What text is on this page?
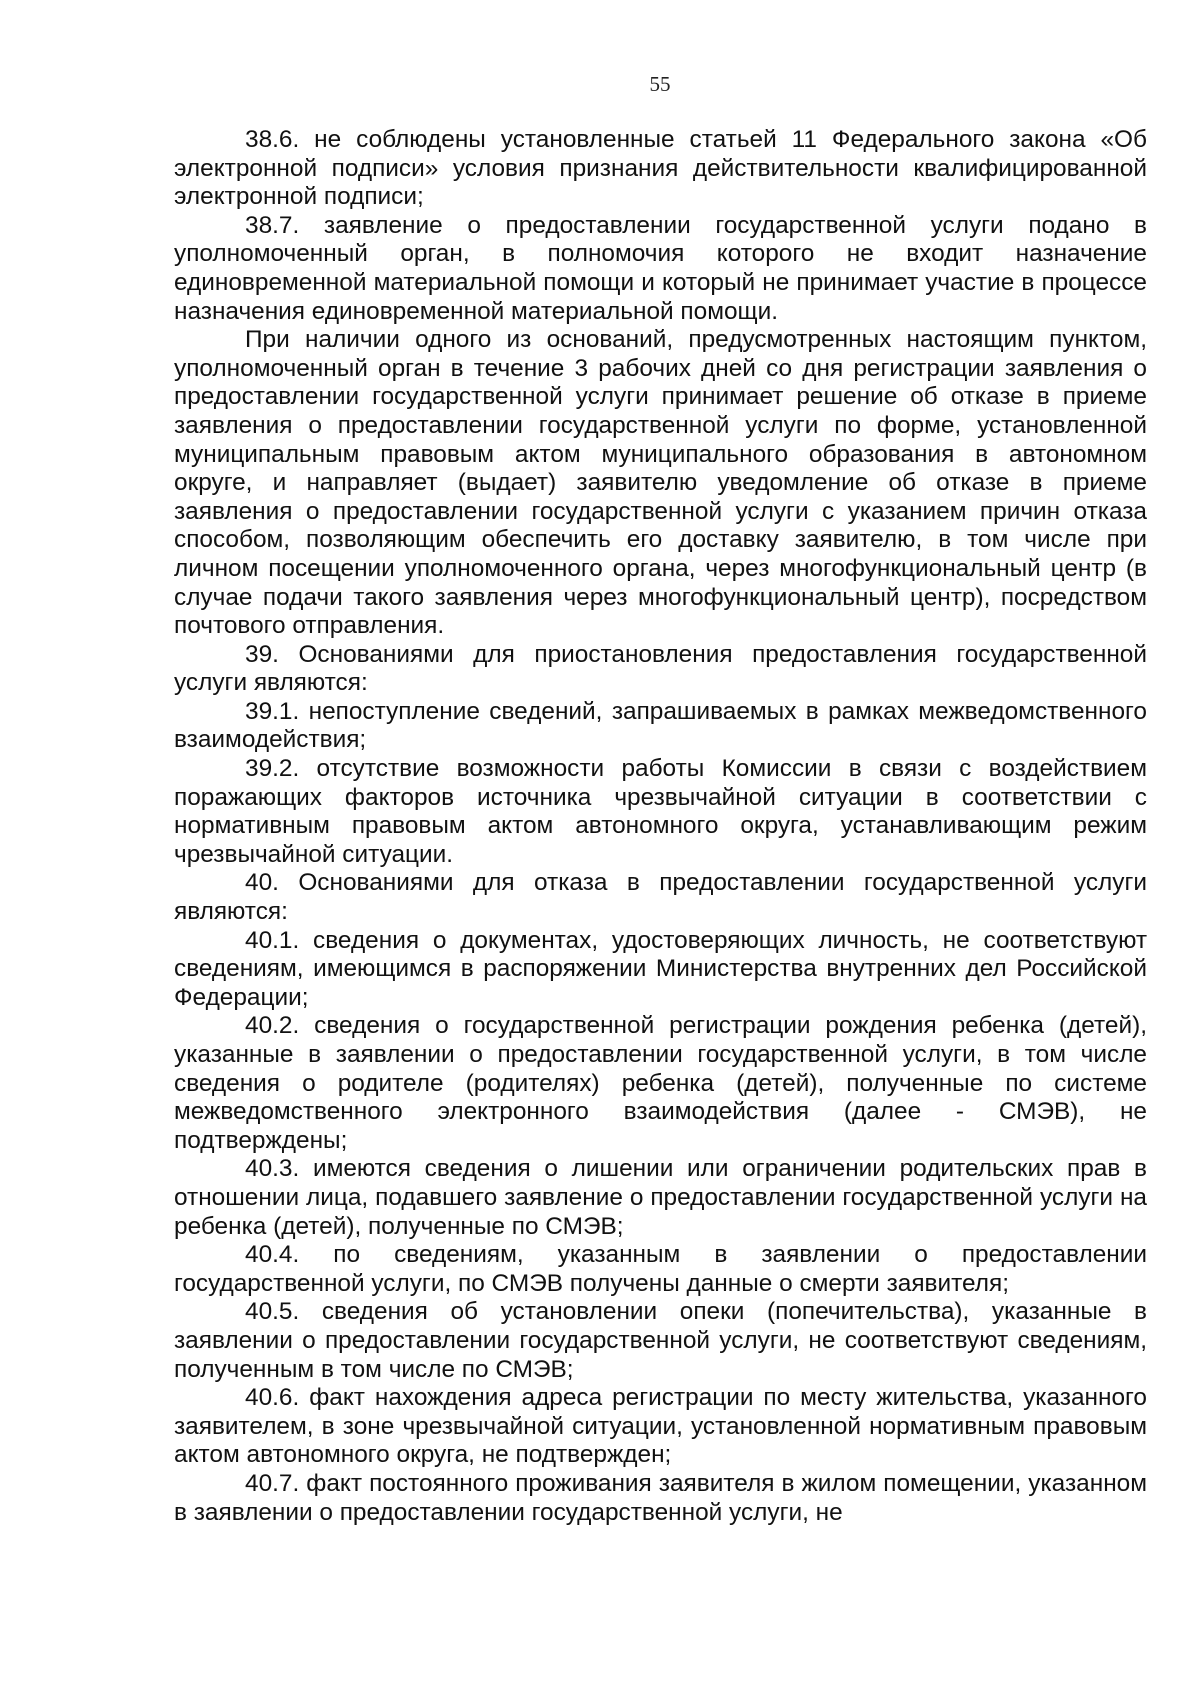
55

38.6. не соблюдены установленные статьей 11 Федерального закона «Об электронной подписи» условия признания действительности квалифицированной электронной подписи;

38.7. заявление о предоставлении государственной услуги подано в уполномоченный орган, в полномочия которого не входит назначение единовременной материальной помощи и который не принимает участие в процессе назначения единовременной материальной помощи.

При наличии одного из оснований, предусмотренных настоящим пунктом, уполномоченный орган в течение 3 рабочих дней со дня регистрации заявления о предоставлении государственной услуги принимает решение об отказе в приеме заявления о предоставлении государственной услуги по форме, установленной муниципальным правовым актом муниципального образования в автономном округе, и направляет (выдает) заявителю уведомление об отказе в приеме заявления о предоставлении государственной услуги с указанием причин отказа способом, позволяющим обеспечить его доставку заявителю, в том числе при личном посещении уполномоченного органа, через многофункциональный центр (в случае подачи такого заявления через многофункциональный центр), посредством почтового отправления.

39. Основаниями для приостановления предоставления государственной услуги являются:

39.1. непоступление сведений, запрашиваемых в рамках межведомственного взаимодействия;

39.2. отсутствие возможности работы Комиссии в связи с воздействием поражающих факторов источника чрезвычайной ситуации в соответствии с нормативным правовым актом автономного округа, устанавливающим режим чрезвычайной ситуации.

40. Основаниями для отказа в предоставлении государственной услуги являются:

40.1. сведения о документах, удостоверяющих личность, не соответствуют сведениям, имеющимся в распоряжении Министерства внутренних дел Российской Федерации;

40.2. сведения о государственной регистрации рождения ребенка (детей), указанные в заявлении о предоставлении государственной услуги, в том числе сведения о родителе (родителях) ребенка (детей), полученные по системе межведомственного электронного взаимодействия (далее - СМЭВ), не подтверждены;

40.3. имеются сведения о лишении или ограничении родительских прав в отношении лица, подавшего заявление о предоставлении государственной услуги на ребенка (детей), полученные по СМЭВ;

40.4. по сведениям, указанным в заявлении о предоставлении государственной услуги, по СМЭВ получены данные о смерти заявителя;

40.5. сведения об установлении опеки (попечительства), указанные в заявлении о предоставлении государственной услуги, не соответствуют сведениям, полученным в том числе по СМЭВ;

40.6. факт нахождения адреса регистрации по месту жительства, указанного заявителем, в зоне чрезвычайной ситуации, установленной нормативным правовым актом автономного округа, не подтвержден;

40.7. факт постоянного проживания заявителя в жилом помещении, указанном в заявлении о предоставлении государственной услуги, не
